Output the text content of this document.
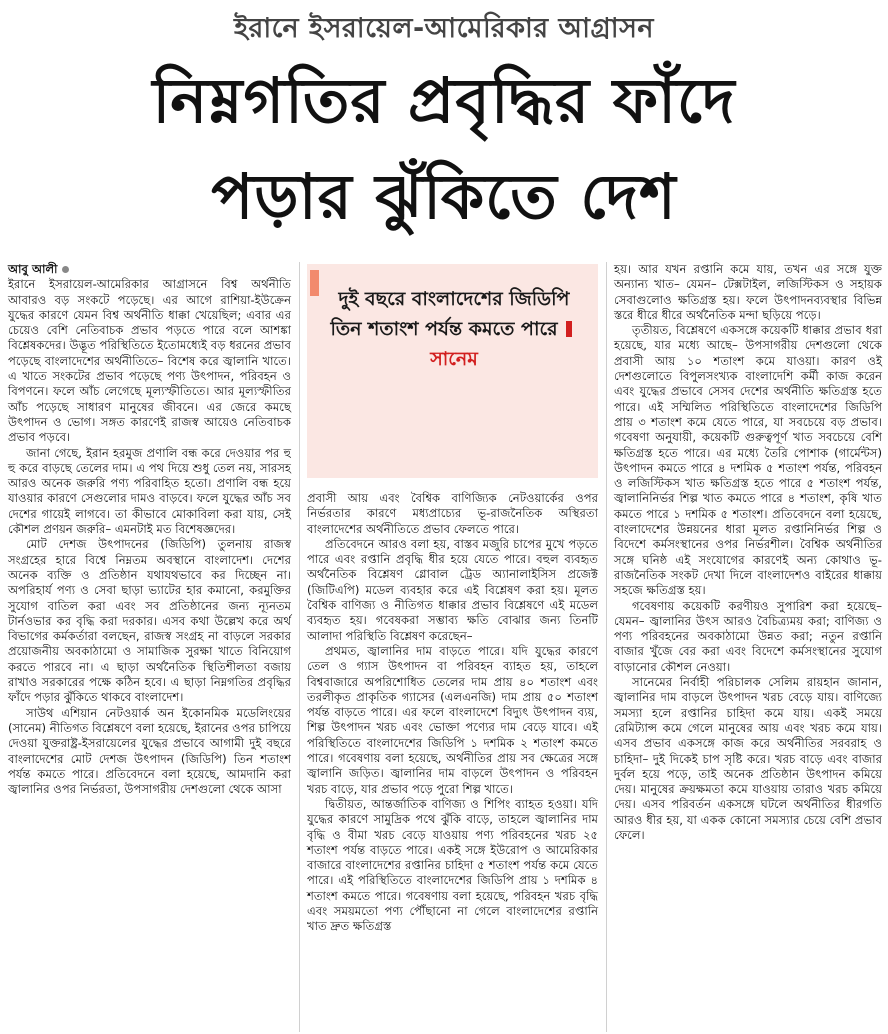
ইরানে ইসরায়েল-আমেরিকার আগ্রাসন
নিম্নগতির প্রবৃদ্ধির ফাঁদে
পড়ার ঝুঁকিতে দেশ
আবু আলী

ইরানে ইসরায়েল-আমেরিকার আগ্রাসনে বিশ্ব অর্থনীতি আবারও বড় সংকটে পড়েছে। এর আগে রাশিয়া-ইউক্রেন যুদ্ধের কারণে যেমন বিশ্ব অর্থনীতি ধাক্কা খেয়েছিল; এবার এর চেয়েও বেশি নেতিবাচক প্রভাব পড়তে পারে বলে আশঙ্কা বিশ্লেষকদের। উদ্ভূত পরিস্থিতিতে ইতোমধ্যেই বড় ধরনের প্রভাব পড়েছে বাংলাদেশের অর্থনীতিতে– বিশেষ করে জ্বালানি খাতে। এ খাতে সংকটের প্রভাব পড়েছে পণ্য উৎপাদন, পরিবহন ও বিপণনে। ফলে আঁচ লেগেছে মূল্যস্ফীতিতে। আর মূল্যস্ফীতির আঁচ পড়েছে সাধারণ মানুষের জীবনে। এর জেরে কমছে উৎপাদন ও ভোগ। সঙ্গত কারণেই রাজস্ব আয়েও নেতিবাচক প্রভাব পড়বে।

জানা গেছে, ইরান হরমুজ প্রণালি বন্ধ করে দেওয়ার পর হু হু করে বাড়ছে তেলের দাম। এ পথ দিয়ে শুধু তেল নয়, সারসহ আরও অনেক জরুরি পণ্য পরিবাহিত হতো। প্রণালি বন্ধ হয়ে যাওয়ার কারণে সেগুলোর দামও বাড়বে। ফলে যুদ্ধের আঁচ সব দেশের গায়েই লাগবে। তা কীভাবে মোকাবিলা করা যায়, সেই কৌশল প্রণয়ন জরুরি– এমনটাই মত বিশেষজ্ঞদের।

মোট দেশজ উৎপাদনের (জিডিপি) তুলনায় রাজস্ব সংগ্রহের হারে বিশ্বে নিম্নতম অবস্থানে বাংলাদেশ। দেশের অনেক ব্যক্তি ও প্রতিষ্ঠান যথাযথভাবে কর দিচ্ছেন না। অপরিহার্য পণ্য ও সেবা ছাড়া ভ্যাটের হার কমানো, করমুক্তির সুযোগ বাতিল করা এবং সব প্রতিষ্ঠানের জন্য ন্যূনতম টার্নওভার কর বৃদ্ধি করা দরকার। এসব কথা উল্লেখ করে অর্থ বিভাগের কর্মকর্তারা বলছেন, রাজস্ব সংগ্রহ না বাড়লে সরকার প্রয়োজনীয় অবকাঠামো ও সামাজিক সুরক্ষা খাতে বিনিয়োগ করতে পারবে না। এ ছাড়া অর্থনৈতিক স্থিতিশীলতা বজায় রাখাও সরকারের পক্ষে কঠিন হবে। এ ছাড়া নিম্নগতির প্রবৃদ্ধির ফাঁদে পড়ার ঝুঁকিতে থাকবে বাংলাদেশ।

সাউথ এশিয়ান নেটওয়ার্ক অন ইকোনমিক মডেলিংয়ের (সানেম) নীতিগত বিশ্লেষণে বলা হয়েছে, ইরানের ওপর চাপিয়ে দেওয়া যুক্তরাষ্ট্র-ইসরায়েলের যুদ্ধের প্রভাবে আগামী দুই বছরে বাংলাদেশের মোট দেশজ উৎপাদন (জিডিপি) তিন শতাংশ পর্যন্ত কমতে পারে। প্রতিবেদনে বলা হয়েছে, আমদানি করা জ্বালানির ওপর নির্ভরতা, উপসাগরীয় দেশগুলো থেকে আসা

দুই বছরে বাংলাদেশের জিডিপি তিন শতাংশ পর্যন্ত কমতে পারেসানেম

প্রবাসী আয় এবং বৈশ্বিক বাণিজ্যিক নেটওয়ার্কের ওপর নির্ভরতার কারণে মধ্যপ্রাচ্যের ভূ-রাজনৈতিক অস্থিরতা বাংলাদেশের অর্থনীতিতে প্রভাব ফেলতে পারে।

প্রতিবেদনে আরও বলা হয়, বাস্তব মজুরি চাপের মুখে পড়তে পারে এবং রপ্তানি প্রবৃদ্ধি ধীর হয়ে যেতে পারে। বহুল ব্যবহৃত অর্থনৈতিক বিশ্লেষণ গ্লোবাল ট্রেড অ্যানালাইসিস প্রজেক্ট (জিটিএপি) মডেল ব্যবহার করে এই বিশ্লেষণ করা হয়। মূলত বৈশ্বিক বাণিজ্য ও নীতিগত ধাক্কার প্রভাব বিশ্লেষণে এই মডেল ব্যবহৃত হয়। গবেষকরা সম্ভাব্য ক্ষতি বোঝার জন্য তিনটি আলাদা পরিস্থিতি বিশ্লেষণ করেছেন–

প্রথমত, জ্বালানির দাম বাড়তে পারে। যদি যুদ্ধের কারণে তেল ও গ্যাস উৎপাদন বা পরিবহন ব্যাহত হয়, তাহলে বিশ্ববাজারে অপরিশোধিত তেলের দাম প্রায় ৪০ শতাংশ এবং তরলীকৃত প্রাকৃতিক গ্যাসের (এলএনজি) দাম প্রায় ৫০ শতাংশ পর্যন্ত বাড়তে পারে। এর ফলে বাংলাদেশে বিদ্যুৎ উৎপাদন ব্যয়, শিল্প উৎপাদন খরচ এবং ভোক্তা পণ্যের দাম বেড়ে যাবে। এই পরিস্থিতিতে বাংলাদেশের জিডিপি ১ দশমিক ২ শতাংশ কমতে পারে। গবেষণায় বলা হয়েছে, অর্থনীতির প্রায় সব ক্ষেত্রের সঙ্গে জ্বালানি জড়িত। জ্বালানির দাম বাড়লে উৎপাদন ও পরিবহন খরচ বাড়ে, যার প্রভাব পড়ে পুরো শিল্প খাতে।

দ্বিতীয়ত, আন্তর্জাতিক বাণিজ্য ও শিপিং ব্যাহত হওয়া। যদি যুদ্ধের কারণে সামুদ্রিক পথে ঝুঁকি বাড়ে, তাহলে জ্বালানির দাম বৃদ্ধি ও বীমা খরচ বেড়ে যাওয়ায় পণ্য পরিবহনের খরচ ২৫ শতাংশ পর্যন্ত বাড়তে পারে। একই সঙ্গে ইউরোপ ও আমেরিকার বাজারে বাংলাদেশের রপ্তানির চাহিদা ৫ শতাংশ পর্যন্ত কমে যেতে পারে। এই পরিস্থিতিতে বাংলাদেশের জিডিপি প্রায় ১ দশমিক ৪ শতাংশ কমতে পারে। গবেষণায় বলা হয়েছে, পরিবহন খরচ বৃদ্ধি এবং সময়মতো পণ্য পৌঁছানো না গেলে বাংলাদেশের রপ্তানি খাত দ্রুত ক্ষতিগ্রস্ত

হয়। আর যখন রপ্তানি কমে যায়, তখন এর সঙ্গে যুক্ত অন্যান্য খাত– যেমন– টেক্সটাইল, লজিস্টিকস ও সহায়ক সেবাগুলোও ক্ষতিগ্রস্ত হয়। ফলে উৎপাদনব্যবস্থার বিভিন্ন স্তরে ধীরে ধীরে অর্থনৈতিক মন্দা ছড়িয়ে পড়ে।

তৃতীয়ত, বিশ্লেষণে একসঙ্গে কয়েকটি ধাক্কার প্রভাব ধরা হয়েছে, যার মধ্যে আছে– উপসাগরীয় দেশগুলো থেকে প্রবাসী আয় ১০ শতাংশ কমে যাওয়া। কারণ ওই দেশগুলোতে বিপুলসংখ্যক বাংলাদেশি কর্মী কাজ করেন এবং যুদ্ধের প্রভাবে সেসব দেশের অর্থনীতি ক্ষতিগ্রস্ত হতে পারে। এই সম্মিলিত পরিস্থিতিতে বাংলাদেশের জিডিপি প্রায় ৩ শতাংশ কমে যেতে পারে, যা সবচেয়ে বড় প্রভাব। গবেষণা অনুযায়ী, কয়েকটি গুরুত্বপূর্ণ খাত সবচেয়ে বেশি ক্ষতিগ্রস্ত হতে পারে। এর মধ্যে তৈরি পোশাক (গার্মেন্টস) উৎপাদন কমতে পারে ৪ দশমিক ৫ শতাংশ পর্যন্ত, পরিবহন ও লজিস্টিকস খাত ক্ষতিগ্রস্ত হতে পারে ৫ শতাংশ পর্যন্ত, জ্বালানিনির্ভর শিল্প খাত কমতে পারে ৪ শতাংশ, কৃষি খাত কমতে পারে ১ দশমিক ৫ শতাংশ। প্রতিবেদনে বলা হয়েছে, বাংলাদেশের উন্নয়নের ধারা মূলত রপ্তানিনির্ভর শিল্প ও বিদেশে কর্মসংস্থানের ওপর নির্ভরশীল। বৈশ্বিক অর্থনীতির সঙ্গে ঘনিষ্ঠ এই সংযোগের কারণেই অন্য কোথাও ভূ-রাজনৈতিক সংকট দেখা দিলে বাংলাদেশও বাইরের ধাক্কায় সহজে ক্ষতিগ্রস্ত হয়।

গবেষণায় কয়েকটি করণীয়ও সুপারিশ করা হয়েছে– যেমন– জ্বালানির উৎস আরও বৈচিত্র্যময় করা; বাণিজ্য ও পণ্য পরিবহনের অবকাঠামো উন্নত করা; নতুন রপ্তানি বাজার খুঁজে বের করা এবং বিদেশে কর্মসংস্থানের সুযোগ বাড়ানোর কৌশল নেওয়া।

সানেমের নির্বাহী পরিচালক সেলিম রায়হান জানান, জ্বালানির দাম বাড়লে উৎপাদন খরচ বেড়ে যায়। বাণিজ্যে সমস্যা হলে রপ্তানির চাহিদা কমে যায়। একই সময়ে রেমিট্যান্স কমে গেলে মানুষের আয় এবং খরচ কমে যায়। এসব প্রভাব একসঙ্গে কাজ করে অর্থনীতির সরবরাহ ও চাহিদা– দুই দিকেই চাপ সৃষ্টি করে। খরচ বাড়ে এবং বাজার দুর্বল হয়ে পড়ে, তাই অনেক প্রতিষ্ঠান উৎপাদন কমিয়ে দেয়। মানুষের ক্রয়ক্ষমতা কমে যাওয়ায় তারাও খরচ কমিয়ে দেয়। এসব পরিবর্তন একসঙ্গে ঘটলে অর্থনীতির ধীরগতি আরও ধীর হয়, যা একক কোনো সমস্যার চেয়ে বেশি প্রভাব ফেলে।
